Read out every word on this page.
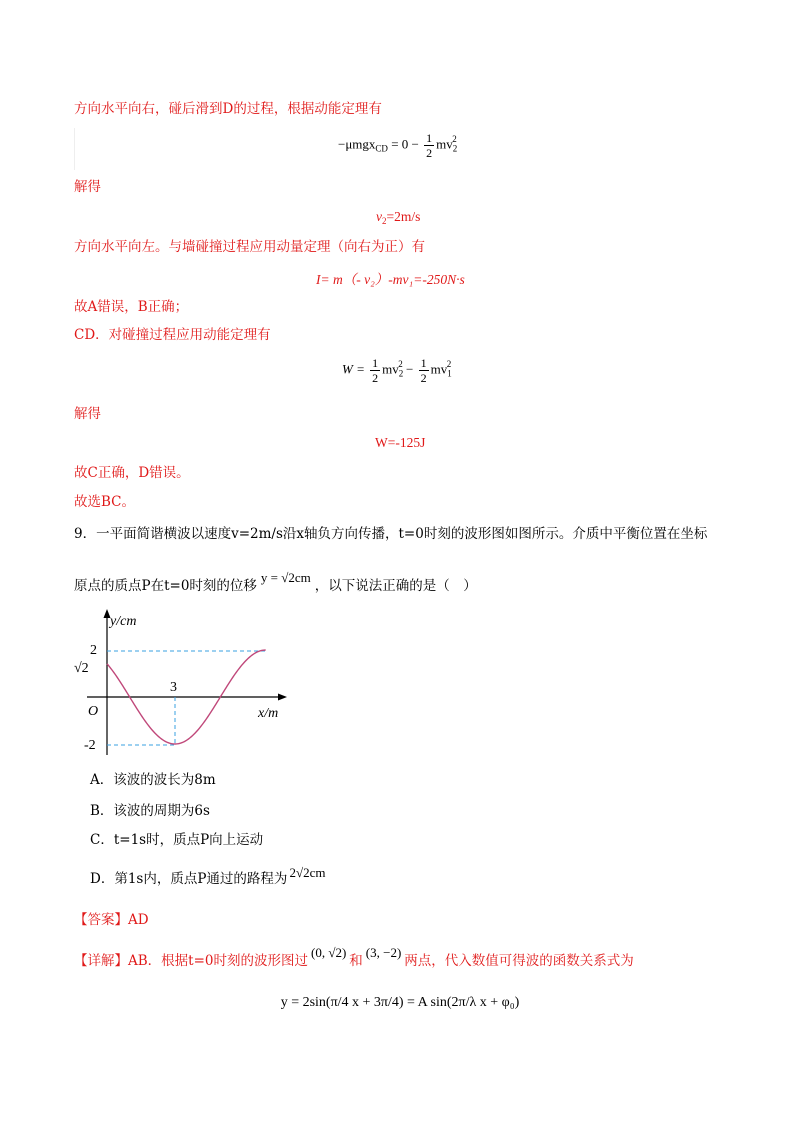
方向水平向右，碰后滑到D的过程，根据动能定理有
$-\mu mgx_{CD} = 0 - \frac{1}{2} mv_2^2$
解得
$v_2=2m/s$
方向水平向左。与墙碰撞过程应用动量定理（向右为正）有
I= m（- v₂）-mv₁=-250N·s
故A错误，B正确；
CD．对碰撞过程应用动能定理有
$W = \frac{1}{2} mv_2^2 - \frac{1}{2} mv_1^2$
解得
W=-125J
故C正确，D错误。
故选BC。
9．一平面简谐横波以速度v=2m/s沿x轴负方向传播，t=0时刻的波形图如图所示。介质中平衡位置在坐标
原点的质点P在t=0时刻的位移y = √2cm，以下说法正确的是（　）
y/cm
x/m
O
2
√2
-2
3
A．该波的波长为8m
B．该波的周期为6s
C．t=1s时，质点P向上运动
D．第1s内，质点P通过的路程为 2√2cm
【答案】AD
【详解】AB．根据t=0时刻的波形图过(0, √2)和(3, −2)两点，代入数值可得波的函数关系式为
y = 2sin(π/4 x + 3π/4) = A sin(2π/λ x + φ₀)
